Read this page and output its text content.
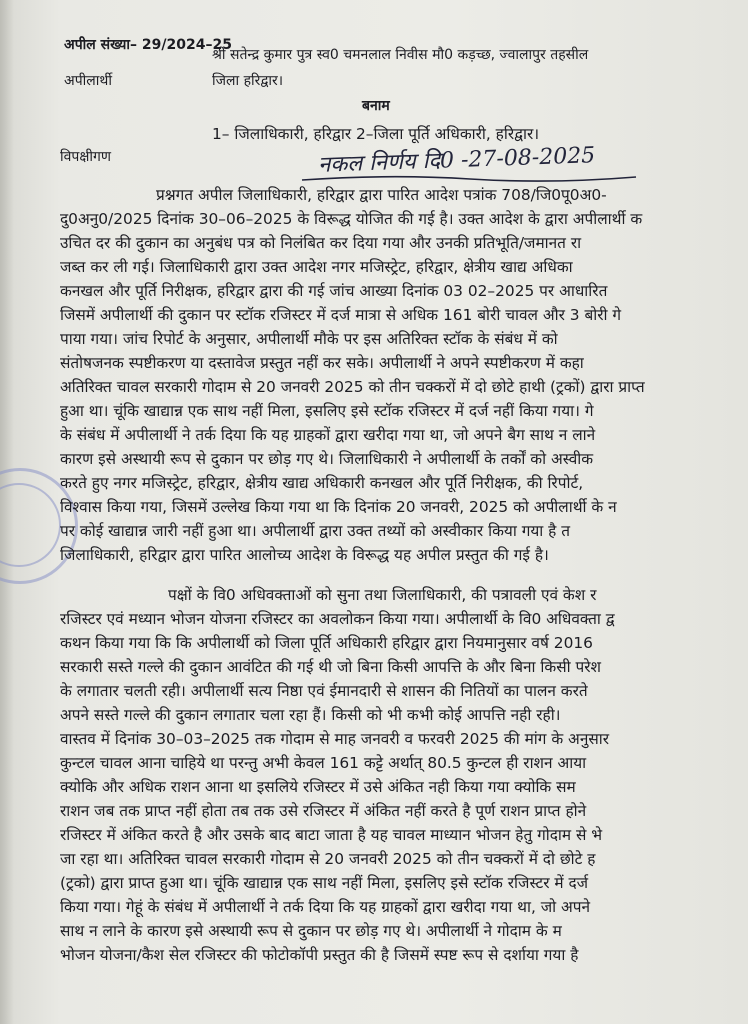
अपील संख्या– 29/2024–25
अपीलार्थी
श्री सतेन्द्र कुमार पुत्र स्व0 चमनलाल निवीस मौ0 कड़च्छ, ज्वालापुर तहसील
जिला हरिद्वार।
बनाम
विपक्षीगण
1– जिलाधिकारी, हरिद्वार 2–जिला पूर्ति अधिकारी, हरिद्वार।
नकल निर्णय दि0 -27-08-2025
प्रश्नगत अपील जिलाधिकारी, हरिद्वार द्वारा पारित आदेश पत्रांक 708/जि0पू0अ0-
दु0अनु0/2025 दिनांक 30–06–2025 के विरूद्ध योजित की गई है। उक्त आदेश के द्वारा अपीलार्थी क
उचित दर की दुकान का अनुबंध पत्र को निलंबित कर दिया गया और उनकी प्रतिभूति/जमानत रा
जब्त कर ली गई। जिलाधिकारी द्वारा उक्त आदेश नगर मजिस्ट्रेट, हरिद्वार, क्षेत्रीय खाद्य अधिका
कनखल और पूर्ति निरीक्षक, हरिद्वार द्वारा की गई जांच आख्या दिनांक 03 02–2025 पर आधारित
जिसमें अपीलार्थी की दुकान पर स्टॉक रजिस्टर में दर्ज मात्रा से अधिक 161 बोरी चावल और 3 बोरी गे
पाया गया। जांच रिपोर्ट के अनुसार, अपीलार्थी मौके पर इस अतिरिक्त स्टॉक के संबंध में को
संतोषजनक स्पष्टीकरण या दस्तावेज प्रस्तुत नहीं कर सके। अपीलार्थी ने अपने स्पष्टीकरण में कहा
अतिरिक्त चावल सरकारी गोदाम से 20 जनवरी 2025 को तीन चक्करों में दो छोटे हाथी (ट्रकों) द्वारा प्राप्त
हुआ था। चूंकि खाद्यान्न एक साथ नहीं मिला, इसलिए इसे स्टॉक रजिस्टर में दर्ज नहीं किया गया। गे
के संबंध में अपीलार्थी ने तर्क दिया कि यह ग्राहकों द्वारा खरीदा गया था, जो अपने बैग साथ न लाने
कारण इसे अस्थायी रूप से दुकान पर छोड़ गए थे। जिलाधिकारी ने अपीलार्थी के तर्कों को अस्वीक
करते हुए नगर मजिस्ट्रेट, हरिद्वार, क्षेत्रीय खाद्य अधिकारी कनखल और पूर्ति निरीक्षक, की रिपोर्ट,
विश्वास किया गया, जिसमें उल्लेख किया गया था कि दिनांक 20 जनवरी, 2025 को अपीलार्थी के न
पर कोई खाद्यान्न जारी नहीं हुआ था। अपीलार्थी द्वारा उक्त तथ्यों को अस्वीकार किया गया है त
जिलाधिकारी, हरिद्वार द्वारा पारित आलोच्य आदेश के विरूद्ध यह अपील प्रस्तुत की गई है।
पक्षों के वि0 अधिवक्ताओं को सुना तथा जिलाधिकारी, की पत्रावली एवं केश र
रजिस्टर एवं मध्यान भोजन योजना रजिस्टर का अवलोकन किया गया। अपीलार्थी के वि0 अधिवक्ता द्व
कथन किया गया कि कि अपीलार्थी को जिला पूर्ति अधिकारी हरिद्वार द्वारा नियमानुसार वर्ष 2016
सरकारी सस्ते गल्ले की दुकान आवंटित की गई थी जो बिना किसी आपत्ति के और बिना किसी परेश
के लगातार चलती रही। अपीलार्थी सत्य निष्ठा एवं ईमानदारी से शासन की नितियों का पालन करते
अपने सस्ते गल्ले की दुकान लगातार चला रहा हैं। किसी को भी कभी कोई आपत्ति नही रही।
वास्तव में दिनांक 30–03–2025 तक गोदाम से माह जनवरी व फरवरी 2025 की मांग के अनुसार
कुन्टल चावल आना चाहिये था परन्तु अभी केवल 161 कट्टे अर्थात् 80.5 कुन्टल ही राशन आया
क्योकि और अधिक राशन आना था इसलिये रजिस्टर में उसे अंकित नही किया गया क्योकि सम
राशन जब तक प्राप्त नहीं होता तब तक उसे रजिस्टर में अंकित नहीं करते है पूर्ण राशन प्राप्त होने
रजिस्टर में अंकित करते है और उसके बाद बाटा जाता है यह चावल माध्यान भोजन हेतु गोदाम से भे
जा रहा था। अतिरिक्त चावल सरकारी गोदाम से 20 जनवरी 2025 को तीन चक्करों में दो छोटे ह
(ट्रको) द्वारा प्राप्त हुआ था। चूंकि खाद्यान्न एक साथ नहीं मिला, इसलिए इसे स्टॉक रजिस्टर में दर्ज
किया गया। गेहूं के संबंध में अपीलार्थी ने तर्क दिया कि यह ग्राहकों द्वारा खरीदा गया था, जो अपने
साथ न लाने के कारण इसे अस्थायी रूप से दुकान पर छोड़ गए थे। अपीलार्थी ने गोदाम के म
भोजन योजना/कैश सेल रजिस्टर की फोटोकॉपी प्रस्तुत की है जिसमें स्पष्ट रूप से दर्शाया गया है
